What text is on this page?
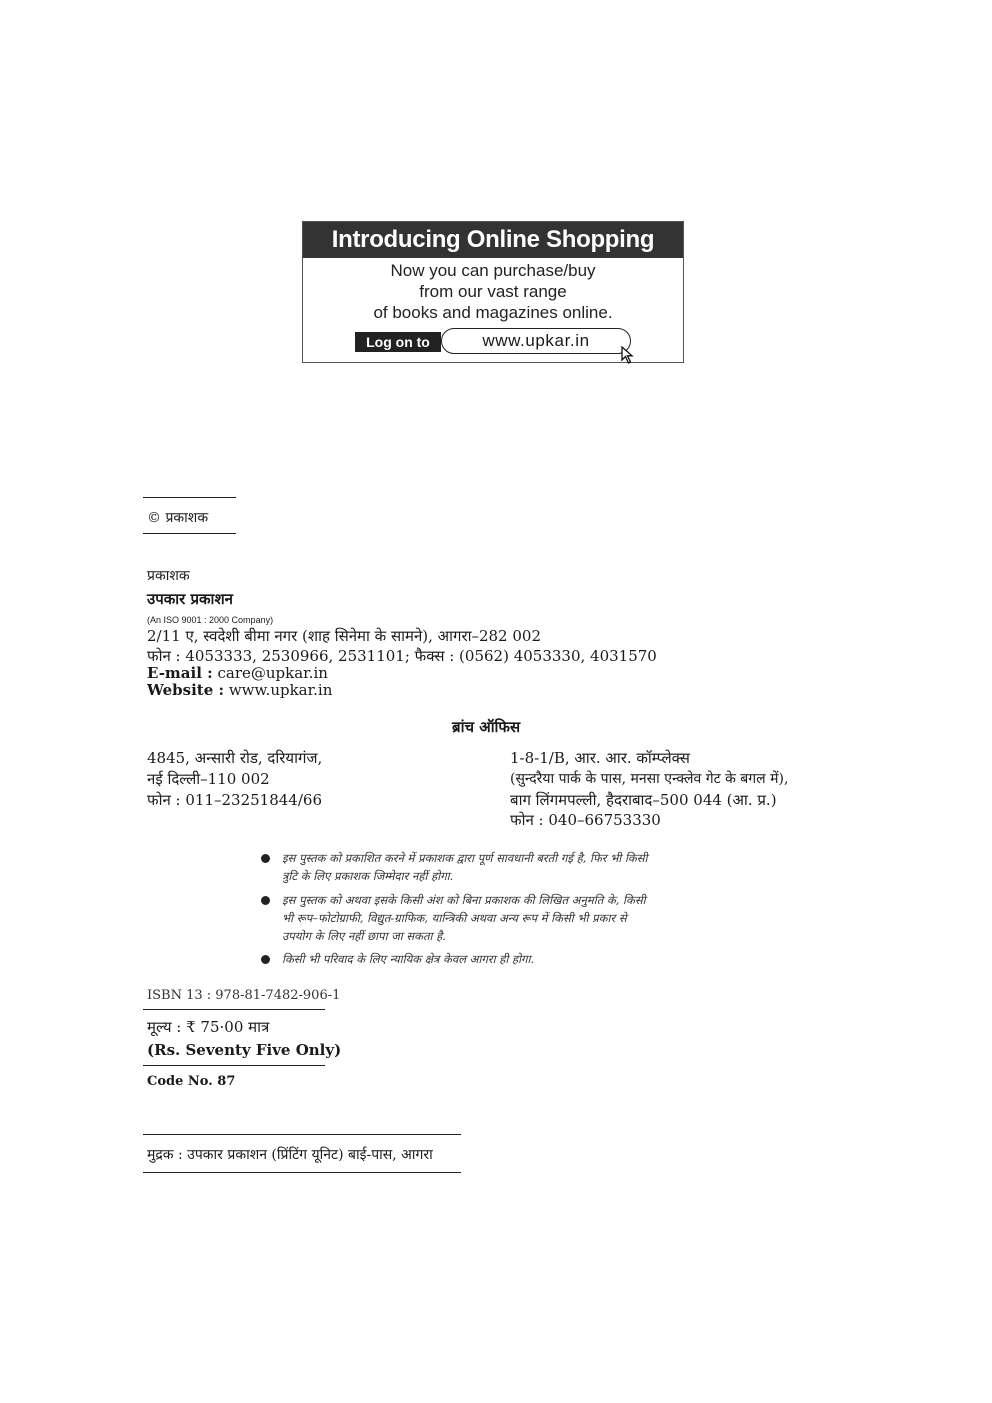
Introducing Online Shopping
Now you can purchase/buy
from our vast range
of books and magazines online.
Log on to	www.upkar.in
© प्रकाशक
प्रकाशक
उपकार प्रकाशन
(An ISO 9001 : 2000 Company)
2/11 ए, स्वदेशी बीमा नगर (शाह सिनेमा के सामने), आगरा–282 002
फोन : 4053333, 2530966, 2531101; फैक्स : (0562) 4053330, 4031570
E-mail : care@upkar.in
Website : www.upkar.in
ब्रांच ऑफिस
4845, अन्सारी रोड, दरियागंज,
नई दिल्ली–110 002
फोन : 011–23251844/66
1-8-1/B, आर. आर. कॉम्प्लेक्स
(सुन्दरैया पार्क के पास, मनसा एन्क्लेव गेट के बगल में),
बाग लिंगमपल्ली, हैदराबाद–500 044 (आ. प्र.)
फोन : 040–66753330
इस पुस्तक को प्रकाशित करने में प्रकाशक द्वारा पूर्ण सावधानी बरती गई है, फिर भी किसी
त्रुटि के लिए प्रकाशक जिम्मेदार नहीं होगा.
इस पुस्तक को अथवा इसके किसी अंश को बिना प्रकाशक की लिखित अनुमति के, किसी
भी रूप–फोटोग्राफी, विद्युत-ग्राफिक, यान्त्रिकी अथवा अन्य रूप में किसी भी प्रकार से
उपयोग के लिए नहीं छापा जा सकता है.
किसी भी परिवाद के लिए न्यायिक क्षेत्र केवल आगरा ही होगा.
ISBN 13 : 978-81-7482-906-1
मूल्य : ₹ 75·00 मात्र
(Rs. Seventy Five Only)
Code No. 87
मुद्रक : उपकार प्रकाशन (प्रिंटिंग यूनिट) बाई-पास, आगरा
